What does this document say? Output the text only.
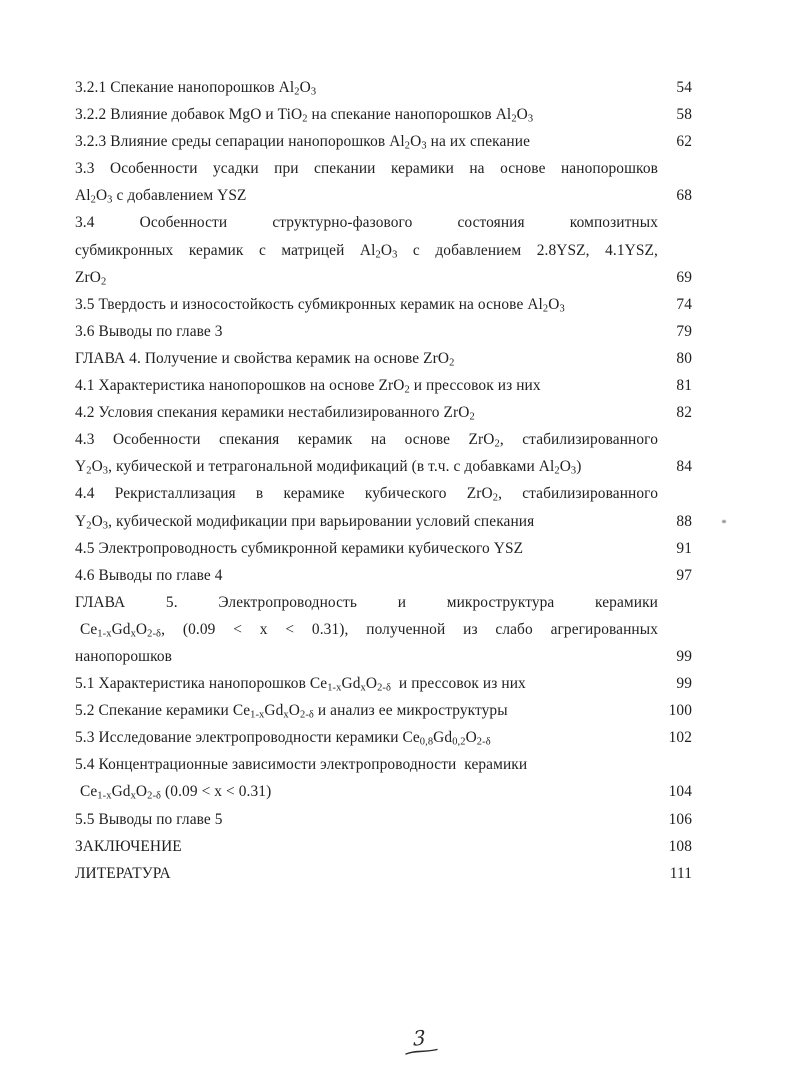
3.2.1 Спекание нанопорошков $Al_2O_3$	54
3.2.2 Влияние добавок MgO и TiO$_2$ на спекание нанопорошков $Al_2O_3$	58
3.2.3 Влияние среды сепарации нанопорошков $Al_2O_3$ на их спекание	62
3.3 Особенности усадки при спекании керамики на основе нанопорошков
$Al_2O_3$ с добавлением YSZ	68
3.4 Особенности структурно-фазового состояния композитных
субмикронных керамик с матрицей $Al_2O_3$ с добавлением 2.8YSZ, 4.1YSZ,
ZrO$_2$	69
3.5 Твердость и износостойкость субмикронных керамик на основе $Al_2O_3$	74
3.6 Выводы по главе 3	79
ГЛАВА 4. Получение и свойства керамик на основе ZrO$_2$	80
4.1 Характеристика нанопорошков на основе ZrO$_2$ и прессовок из них	81
4.2 Условия спекания керамики нестабилизированного ZrO$_2$	82
4.3 Особенности спекания керамик на основе ZrO$_2$, стабилизированного
$Y_2O_3$, кубической и тетрагональной модификаций (в т.ч. с добавками $Al_2O_3$)	84
4.4 Рекристаллизация в керамике кубического ZrO$_2$, стабилизированного
$Y_2O_3$, кубической модификации при варьировании условий спекания	88
4.5 Электропроводность субмикронной керамики кубического YSZ	91
4.6 Выводы по главе 4	97
ГЛАВА 5. Электропроводность и микроструктура керамики
$Ce_{1-x}Gd_xO_{2-\delta}$, (0.09 < x < 0.31), полученной из слабо агрегированных
нанопорошков	99
5.1 Характеристика нанопорошков $Ce_{1-x}Gd_xO_{2-\delta}$  и прессовок из них	99
5.2 Спекание керамики $Ce_{1-x}Gd_xO_{2-\delta}$ и анализ ее микроструктуры	100
5.3 Исследование электропроводности керамики $Ce_{0,8}Gd_{0,2}O_{2-\delta}$	102
5.4 Концентрационные зависимости электропроводности  керамики
$Ce_{1-x}Gd_xO_{2-\delta}$ (0.09 < x < 0.31)	104
5.5 Выводы по главе 5	106
ЗАКЛЮЧЕНИЕ	108
ЛИТЕРАТУРА	111
3
